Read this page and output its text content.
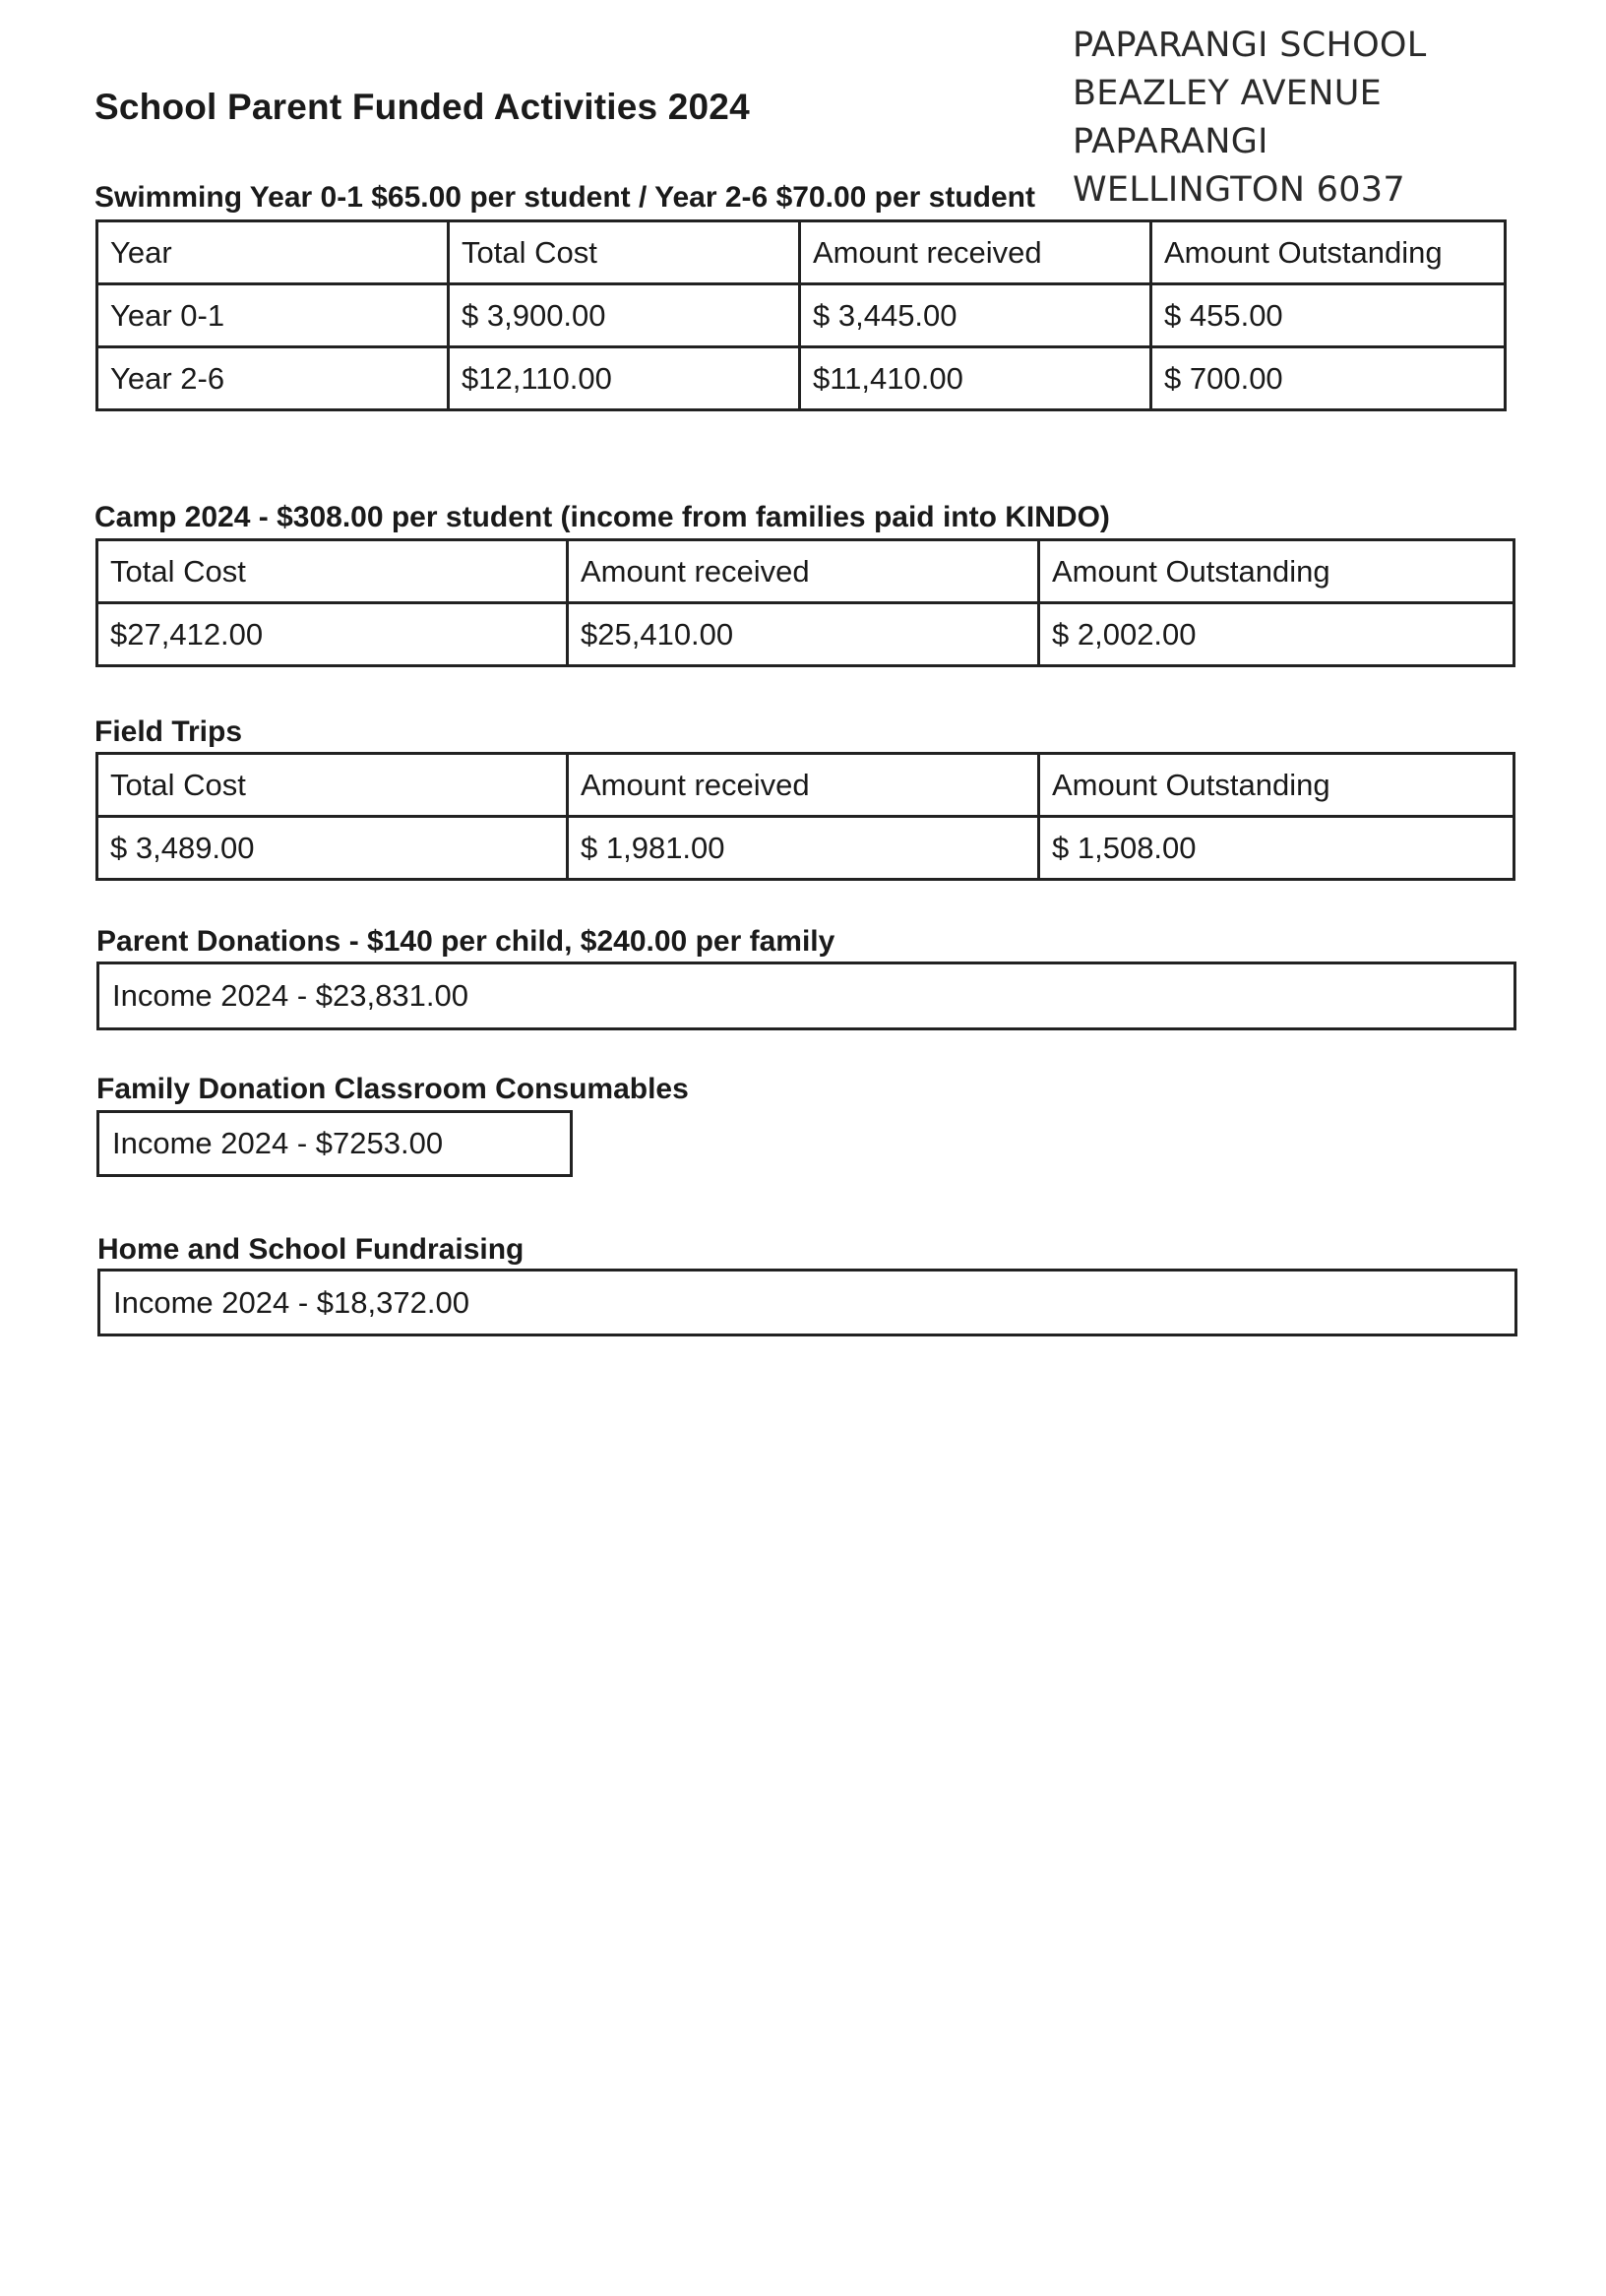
School Parent Funded Activities 2024
PAPARANGI SCHOOL
BEAZLEY AVENUE
PAPARANGI
WELLINGTON 6037
Swimming Year 0-1 $65.00 per student / Year 2-6 $70.00 per student
Year	Total Cost	Amount received	Amount Outstanding
Year 0-1	$ 3,900.00	$ 3,445.00	$ 455.00
Year 2-6	$12,110.00	$11,410.00	$ 700.00
Camp 2024 - $308.00 per student (income from families paid into KINDO)
Total Cost	Amount received	Amount Outstanding
$27,412.00	$25,410.00	$ 2,002.00
Field Trips
Total Cost	Amount received	Amount Outstanding
$ 3,489.00	$ 1,981.00	$ 1,508.00
Parent Donations - $140 per child, $240.00 per family
Income 2024 - $23,831.00
Family Donation Classroom Consumables
Income 2024 - $7253.00
Home and School Fundraising
Income 2024 - $18,372.00
